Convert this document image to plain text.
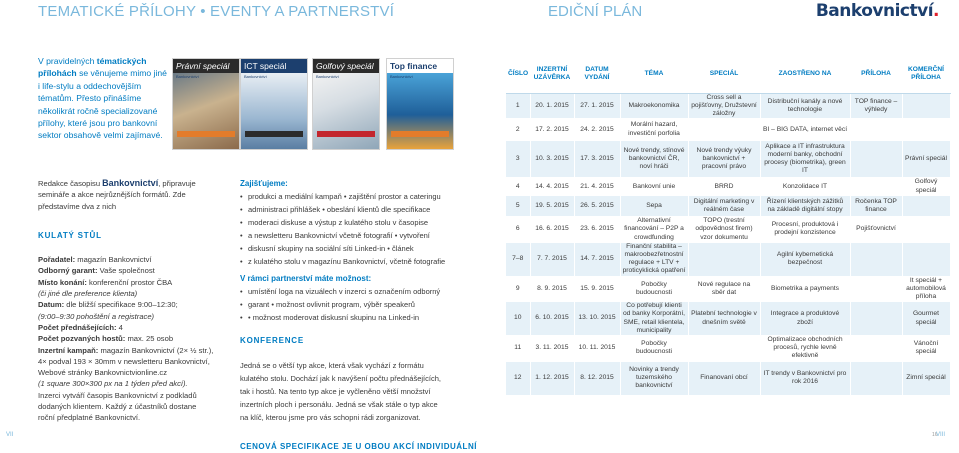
TEMATICKÉ PŘÍLOHY • EVENTY A PARTNERSTVÍ	EDIČNÍ PLÁN	Bankovnictví.
V pravidelných tématických přílohách se věnujeme mimo jiné i life-stylu a oddechovějším tématům. Přesto přinášíme několikrát ročně specializované přílohy, které jsou pro bankovní sektor obsahově velmi zajímavé.
Právní speciál
Bankovnictví
ICT speciál
Bankovnictví
Golfový speciál
Bankovnictví
Top finance
Bankovnictví
Redakce časopisu Bankovnictví, připravuje semináře a akce nejrůznějších formátů. Zde představíme dva z nich
KULATÝ STŮL
Pořadatel: magazín Bankovnictví
Odborný garant: Vaše společnost
Místo konání: konferenční prostor ČBA
(či jiné dle preference klienta)
Datum: dle bližší specifikace 9:00–12:30;
(9:00–9:30 pohoštění a registrace)
Počet přednášejících: 4
Počet pozvaných hostů: max. 25 osob
Inzertní kampaň: magazín Bankovnictví (2× ½ str.),
4× podval 193 × 30mm v newsletteru Bankovnictví,
Webové stránky Bankovnictvionline.cz
(1 square 300×300 px na 1 týden před akcí).
Inzerci vytváří časopis Bankovnictví z podkladů
dodaných klientem. Každý z účastníků dostane
roční předplatné Bankovnictví.
Zajišťujeme:
• produkci a mediální kampaň • zajištění prostor a cateringu
• administraci přihlášek • obeslání klientů dle specifikace
• moderaci diskuse a výstup z kulatého stolu v časopise
• a newsletteru Bankovnictví včetně fotografií • vytvoření
• diskusní skupiny na sociální síti Linked-in • článek
• z kulatého stolu v magazínu Bankovnictví, včetně fotografie
V rámci partnerství máte možnost:
• umístění loga na vizuálech v inzerci s označením odborný
• garant • možnost ovlivnit program, výběr speakerů
• • možnost moderovat diskusní skupinu na Linked-in
KONFERENCE
Jedná se o větší typ akce, která však vychází z formátu
kulatého stolu. Dochází jak k navýšení počtu přednášejících,
tak i hostů. Na tento typ akce je vyčleněno větší množství
inzertních ploch i personálu. Jedná se však stále o typ akce
na klíč, kterou jsme pro vás schopni rádi zorganizovat.
CENOVÁ SPECIFIKACE JE U OBOU AKCÍ INDIVIDUÁLNÍ
ČÍSLO	INZERTNÍ UZÁVĚRKA	DATUM VYDÁNÍ	TÉMA	SPECIÁL	ZAOSTŘENO NA	PŘÍLOHA	KOMERČNÍ PŘÍLOHA
1	20. 1. 2015	27. 1. 2015	Makroekonomika	Cross sell a pojišťovny, Družstevní záložny	Distribuční kanály a nové technologie	TOP finance – výhledy	
2	17. 2. 2015	24. 2. 2015	Morální hazard, investiční porfolia		BI – BIG DATA, internet věcí		
3	10. 3. 2015	17. 3. 2015	Nové trendy, stínové bankovnictví ČR, noví hráči	Nové trendy výuky bankovnictví + pracovní právo	Aplikace a IT infrastruktura moderní banky, obchodní procesy (biometrika), green IT		Právní speciál
4	14. 4. 2015	21. 4. 2015	Bankovní unie	BRRD	Konzolidace IT		Golfový speciál
5	19. 5. 2015	26. 5. 2015	Sepa	Digitální marketing v reálném čase	Řízení klientských zážitků na základě digitální stopy	Ročenka TOP finance	
6	16. 6. 2015	23. 6. 2015	Alternativní financování – P2P a crowdfunding	TOPO (trestní odpovědnost firem) vzor dokumentu	Procesní, produktová i prodejní konzistence	Pojišťovnictví	
7–8	7. 7. 2015	14. 7. 2015	Finanční stabilita – makroobezřetnostní regulace + LTV + proticyklická opatření		Agilní kybernetická bezpečnost		
9	8. 9. 2015	15. 9. 2015	Pobočky budoucnosti	Nové regulace na sběr dat	Biometrika a payments		It speciál + automobilová příloha
10	6. 10. 2015	13. 10. 2015	Co potřebují klienti od banky Korporátní, SME, retail klientela, municipality	Platební technologie v dnešním světě	Integrace a produktové zboží		Gourmet speciál
11	3. 11. 2015	10. 11. 2015	Pobočky budoucnosti		Optimalizace obchodních procesů, rychle levně efektivně		Vánoční speciál
12	1. 12. 2015	8. 12. 2015	Novinky a trendy tuzemského bankovnictví	Finanovaní obcí	IT trendy v Bankovnictví pro rok 2016		Zimní speciál
VII	16
VIII
